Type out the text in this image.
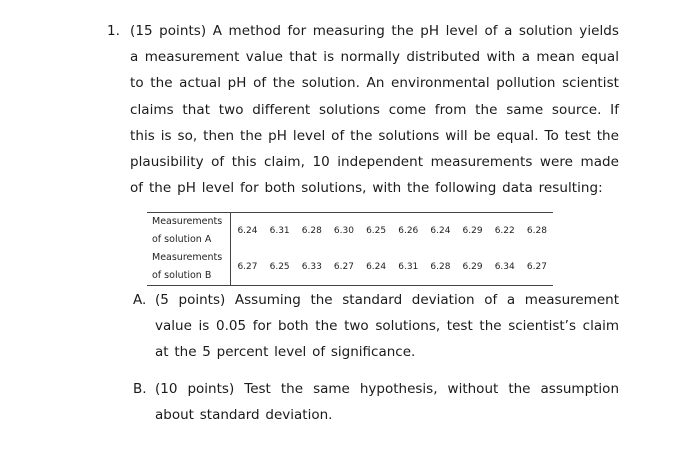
1. (15 points) A method for measuring the pH level of a solution yields a measurement value that is normally distributed with a mean equal to the actual pH of the solution. An environmental pollution scientist claims that two different solutions come from the same source. If this is so, then the pH level of the solutions will be equal. To test the plausibility of this claim, 10 independent measurements were made of the pH level for both solutions, with the following data resulting:
Measurements
of solution A	6.24	6.31	6.28	6.30	6.25	6.26	6.24	6.29	6.22	6.28

Measurements
of solution B	6.27	6.25	6.33	6.27	6.24	6.31	6.28	6.29	6.34	6.27
A. (5 points) Assuming the standard deviation of a measurement value is 0.05 for both the two solutions, test the scientist’s claim at the 5 percent level of significance.
B. (10 points) Test the same hypothesis, without the assumption about standard deviation.
